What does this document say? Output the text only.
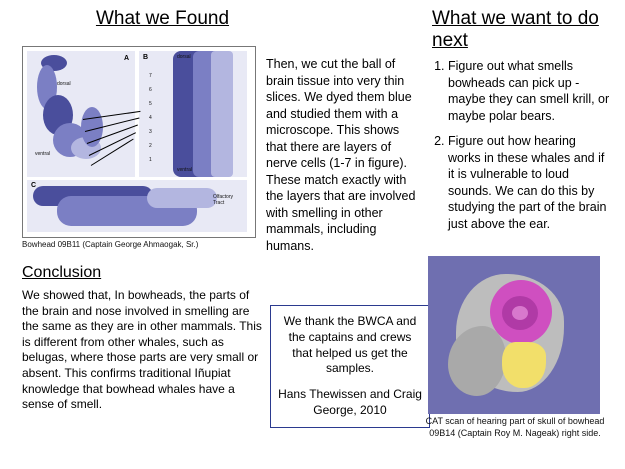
What we Found
A
dorsal
ventral
B	dorsal
ventral
7
6
5
4
3
2
1
C
Olfactory Tract
Bowhead 09B11 (Captain George Ahmaogak, Sr.)
Then, we cut the ball of brain tissue into very thin slices. We dyed them blue and studied them with a microscope. This shows that there are layers of nerve cells (1-7 in figure). These match exactly with the layers that are involved with smelling in other mammals, including humans.
What we want to do next
1. Figure out what smells bowheads can pick up - maybe they can smell krill, or maybe polar bears.
2. Figure out how hearing works in these whales and if it is vulnerable to loud sounds. We can do this by studying the part of the brain just above the ear.
Conclusion
We showed that, In bowheads, the parts of the brain and nose involved in smelling are the same as they are in other mammals. This is different from other whales, such as belugas, where those parts are very small or absent. This confirms traditional Iñupiat knowledge that bowhead whales have a sense of smell.
We thank the BWCA and the captains and crews that helped us get the samples.
Hans Thewissen and Craig George, 2010
CAT scan of hearing part of skull of bowhead 09B14 (Captain Roy M. Nageak) right side.
